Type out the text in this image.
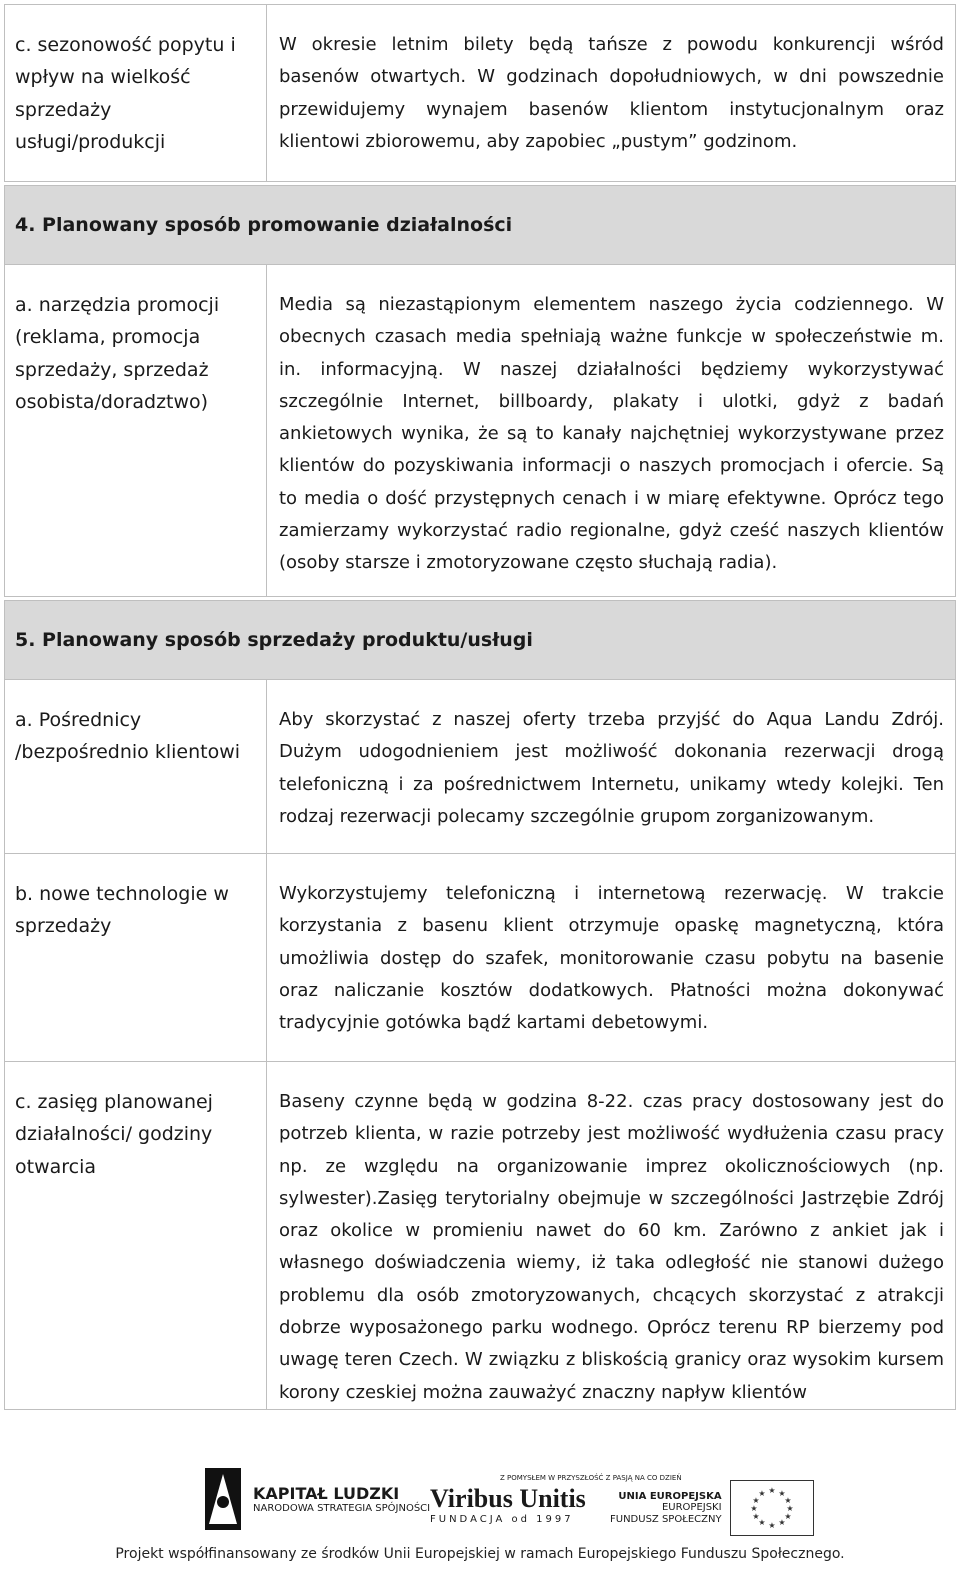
c. sezonowość popytu i wpływ na wielkość sprzedaży usługi/produkcji	W okresie letnim bilety będą tańsze z powodu konkurencji wśród basenów otwartych. W godzinach dopołudniowych, w dni powszednie przewidujemy wynajem basenów klientom instytucjonalnym oraz klientowi zbiorowemu, aby zapobiec „pustym” godzinom.

4. Planowany sposób promowanie działalności	
a. narzędzia promocji (reklama, promocja sprzedaży, sprzedaż osobista/doradztwo)	Media są niezastąpionym elementem naszego życia codziennego. W obecnych czasach media spełniają ważne funkcje w społeczeństwie m. in. informacyjną. W naszej działalności będziemy wykorzystywać szczególnie Internet, billboardy, plakaty i ulotki, gdyż z badań ankietowych wynika, że są to kanały najchętniej wykorzystywane przez klientów do pozyskiwania informacji o naszych promocjach i ofercie. Są to media o dość przystępnych cenach i w miarę efektywne. Oprócz tego zamierzamy wykorzystać radio regionalne, gdyż cześć naszych klientów (osoby starsze i zmotoryzowane często słuchają radia).

5. Planowany sposób sprzedaży produktu/usługi	
a. Pośrednicy /bezpośrednio klientowi	Aby skorzystać z naszej oferty trzeba przyjść do Aqua Landu Zdrój. Dużym udogodnieniem jest możliwość dokonania rezerwacji drogą telefoniczną i za pośrednictwem Internetu, unikamy wtedy kolejki. Ten rodzaj rezerwacji polecamy szczególnie grupom zorganizowanym.
b. nowe technologie w sprzedaży	Wykorzystujemy telefoniczną i internetową rezerwację. W trakcie korzystania z basenu klient otrzymuje opaskę magnetyczną, która umożliwia dostęp do szafek, monitorowanie czasu pobytu na basenie oraz naliczanie kosztów dodatkowych. Płatności można dokonywać tradycyjnie gotówka bądź kartami debetowymi.
c. zasięg planowanej działalności/ godziny otwarcia	Baseny czynne będą w godzina 8-22. czas pracy dostosowany jest do potrzeb klienta, w razie potrzeby jest możliwość wydłużenia czasu pracy np. ze względu na organizowanie imprez okolicznościowych (np. sylwester).Zasięg terytorialny obejmuje w szczególności Jastrzębie Zdrój oraz okolice w promieniu nawet do 60 km. Zarówno z ankiet jak i własnego doświadczenia wiemy, iż taka odległość nie stanowi dużego problemu dla osób zmotoryzowanych, chcących skorzystać z atrakcji dobrze wyposażonego parku wodnego. Oprócz terenu RP bierzemy pod uwagę teren Czech. W związku z bliskością granicy oraz wysokim kursem korony czeskiej można zauważyć znaczny napływ klientów
KAPITAŁ LUDZKI
NARODOWA STRATEGIA SPÓJNOŚCI
Z POMYSŁEM W PRZYSZŁOŚĆ Z PASJĄ NA CO DZIEŃ
Viribus Unitis
FUNDACJA od 1997
UNIA EUROPEJSKA
EUROPEJSKI
FUNDUSZ SPOŁECZNY
★ ★
★
★
★
★
★
★
★
★
★
★
Projekt współfinansowany ze środków Unii Europejskiej w ramach Europejskiego Funduszu Społecznego.
